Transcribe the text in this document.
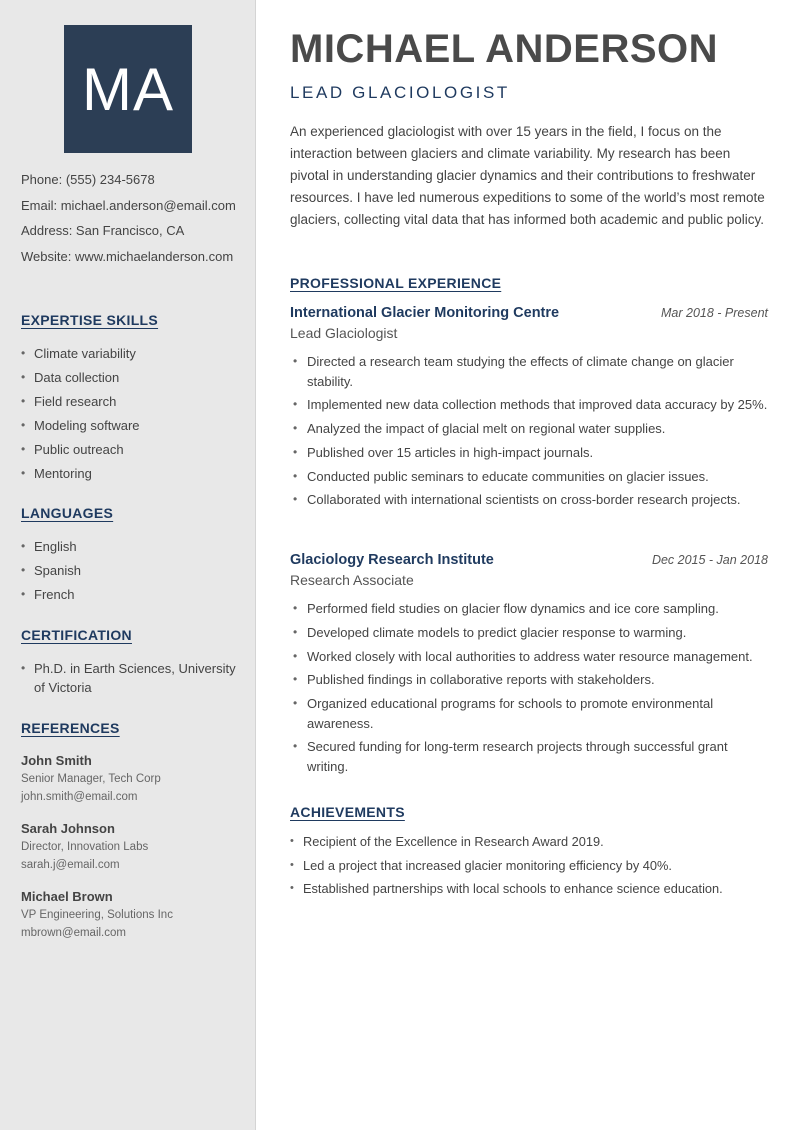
MA
Phone: (555) 234-5678
Email: michael.anderson@email.com
Address: San Francisco, CA
Website: www.michaelanderson.com
EXPERTISE SKILLS
• Climate variability
• Data collection
• Field research
• Modeling software
• Public outreach
• Mentoring
LANGUAGES
• English
• Spanish
• French
CERTIFICATION
• Ph.D. in Earth Sciences, University of Victoria
REFERENCES
John Smith
Senior Manager, Tech Corp
john.smith@email.com
Sarah Johnson
Director, Innovation Labs
sarah.j@email.com
Michael Brown
VP Engineering, Solutions Inc
mbrown@email.com
MICHAEL ANDERSON
LEAD GLACIOLOGIST

An experienced glaciologist with over 15 years in the field, I focus on the interaction between glaciers and climate variability. My research has been pivotal in understanding glacier dynamics and their contributions to freshwater resources. I have led numerous expeditions to some of the world’s most remote glaciers, collecting vital data that has informed both academic and public policy.

PROFESSIONAL EXPERIENCE
International Glacier Monitoring Centre	Mar 2018 - Present
Lead Glaciologist
• Directed a research team studying the effects of climate change on glacier stability.
• Implemented new data collection methods that improved data accuracy by 25%.
• Analyzed the impact of glacial melt on regional water supplies.
• Published over 15 articles in high-impact journals.
• Conducted public seminars to educate communities on glacier issues.
• Collaborated with international scientists on cross-border research projects.
Glaciology Research Institute	Dec 2015 - Jan 2018
Research Associate
• Performed field studies on glacier flow dynamics and ice core sampling.
• Developed climate models to predict glacier response to warming.
• Worked closely with local authorities to address water resource management.
• Published findings in collaborative reports with stakeholders.
• Organized educational programs for schools to promote environmental awareness.
• Secured funding for long-term research projects through successful grant writing.
ACHIEVEMENTS
• Recipient of the Excellence in Research Award 2019.
• Led a project that increased glacier monitoring efficiency by 40%.
• Established partnerships with local schools to enhance science education.
